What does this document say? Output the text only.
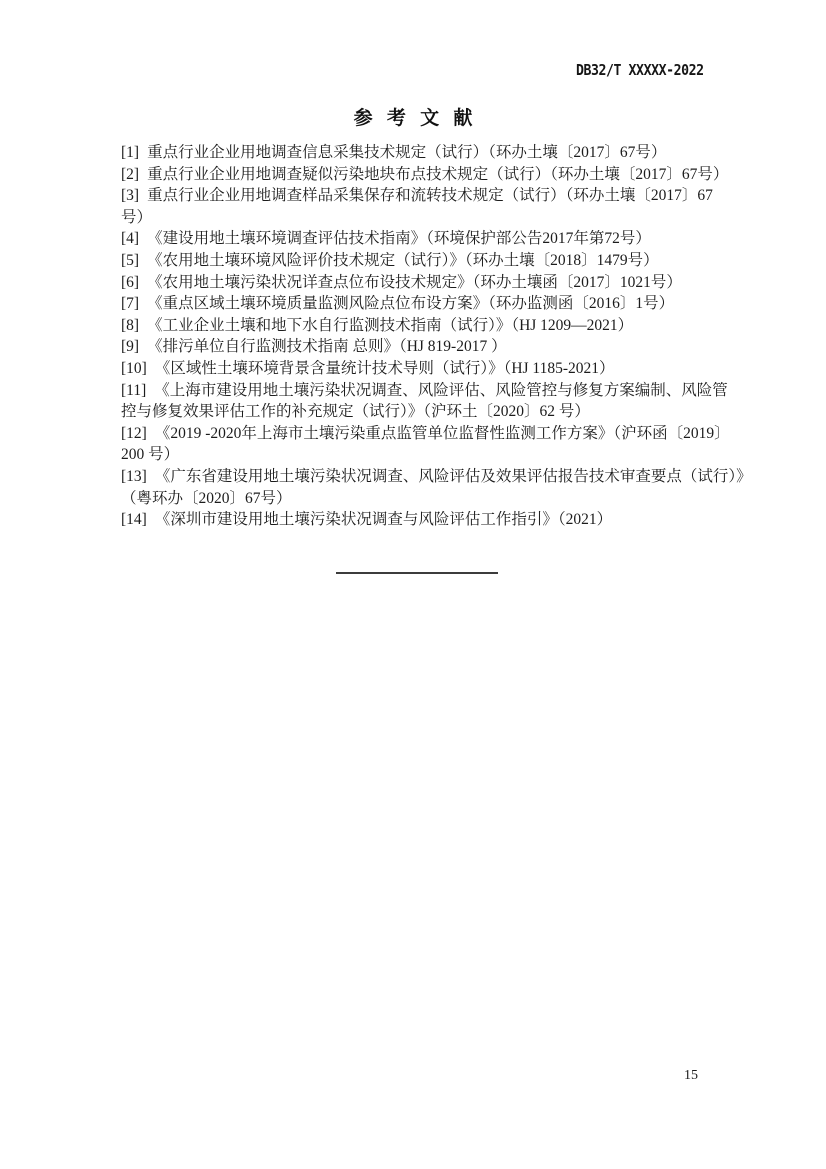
DB32/T XXXXX-2022
参 考 文 献
[1] 重点行业企业用地调查信息采集技术规定（试行）（环办土壤〔2017〕67号）
[2] 重点行业企业用地调查疑似污染地块布点技术规定（试行）（环办土壤〔2017〕67号）
[3] 重点行业企业用地调查样品采集保存和流转技术规定（试行）（环办土壤〔2017〕67
号）
[4] 《建设用地土壤环境调查评估技术指南》（环境保护部公告2017年第72号）
[5] 《农用地土壤环境风险评价技术规定（试行）》（环办土壤〔2018〕1479号）
[6] 《农用地土壤污染状况详查点位布设技术规定》（环办土壤函〔2017〕1021号）
[7] 《重点区域土壤环境质量监测风险点位布设方案》（环办监测函〔2016〕1号）
[8] 《工业企业土壤和地下水自行监测技术指南（试行）》（HJ 1209—2021）
[9] 《排污单位自行监测技术指南 总则》（HJ 819-2017 ）
[10] 《区域性土壤环境背景含量统计技术导则（试行）》（HJ 1185-2021）
[11] 《上海市建设用地土壤污染状况调查、风险评估、风险管控与修复方案编制、风险管
控与修复效果评估工作的补充规定（试行）》（沪环土〔2020〕62 号）
[12] 《2019 -2020年上海市土壤污染重点监管单位监督性监测工作方案》（沪环函〔2019〕
200 号）
[13] 《广东省建设用地土壤污染状况调查、风险评估及效果评估报告技术审查要点（试行）》
（粤环办〔2020〕67号）
[14] 《深圳市建设用地土壤污染状况调查与风险评估工作指引》（2021）
15
